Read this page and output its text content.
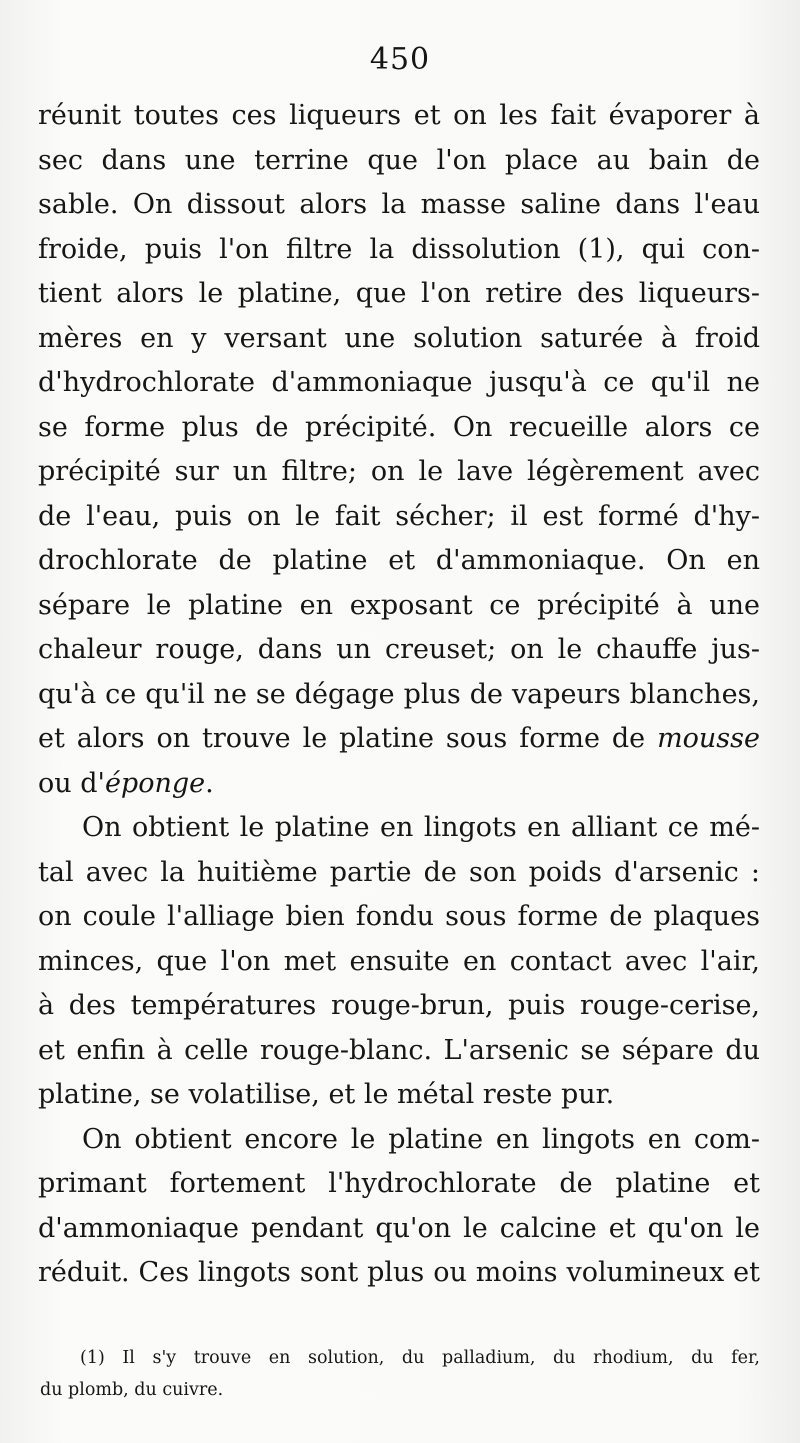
450
réunit toutes ces liqueurs et on les fait évaporer à
sec dans une terrine que l'on place au bain de
sable. On dissout alors la masse saline dans l'eau
froide, puis l'on filtre la dissolution (1), qui con-
tient alors le platine, que l'on retire des liqueurs-
mères en y versant une solution saturée à froid
d'hydrochlorate d'ammoniaque jusqu'à ce qu'il ne
se forme plus de précipité. On recueille alors ce
précipité sur un filtre; on le lave légèrement avec
de l'eau, puis on le fait sécher; il est formé d'hy-
drochlorate de platine et d'ammoniaque. On en
sépare le platine en exposant ce précipité à une
chaleur rouge, dans un creuset; on le chauffe jus-
qu'à ce qu'il ne se dégage plus de vapeurs blanches,
et alors on trouve le platine sous forme de mousse
ou d'éponge.
On obtient le platine en lingots en alliant ce mé-
tal avec la huitième partie de son poids d'arsenic :
on coule l'alliage bien fondu sous forme de plaques
minces, que l'on met ensuite en contact avec l'air,
à des températures rouge-brun, puis rouge-cerise,
et enfin à celle rouge-blanc. L'arsenic se sépare du
platine, se volatilise, et le métal reste pur.
On obtient encore le platine en lingots en com-
primant fortement l'hydrochlorate de platine et
d'ammoniaque pendant qu'on le calcine et qu'on le
réduit. Ces lingots sont plus ou moins volumineux et
(1) Il s'y trouve en solution, du palladium, du rhodium, du fer,
du plomb, du cuivre.
